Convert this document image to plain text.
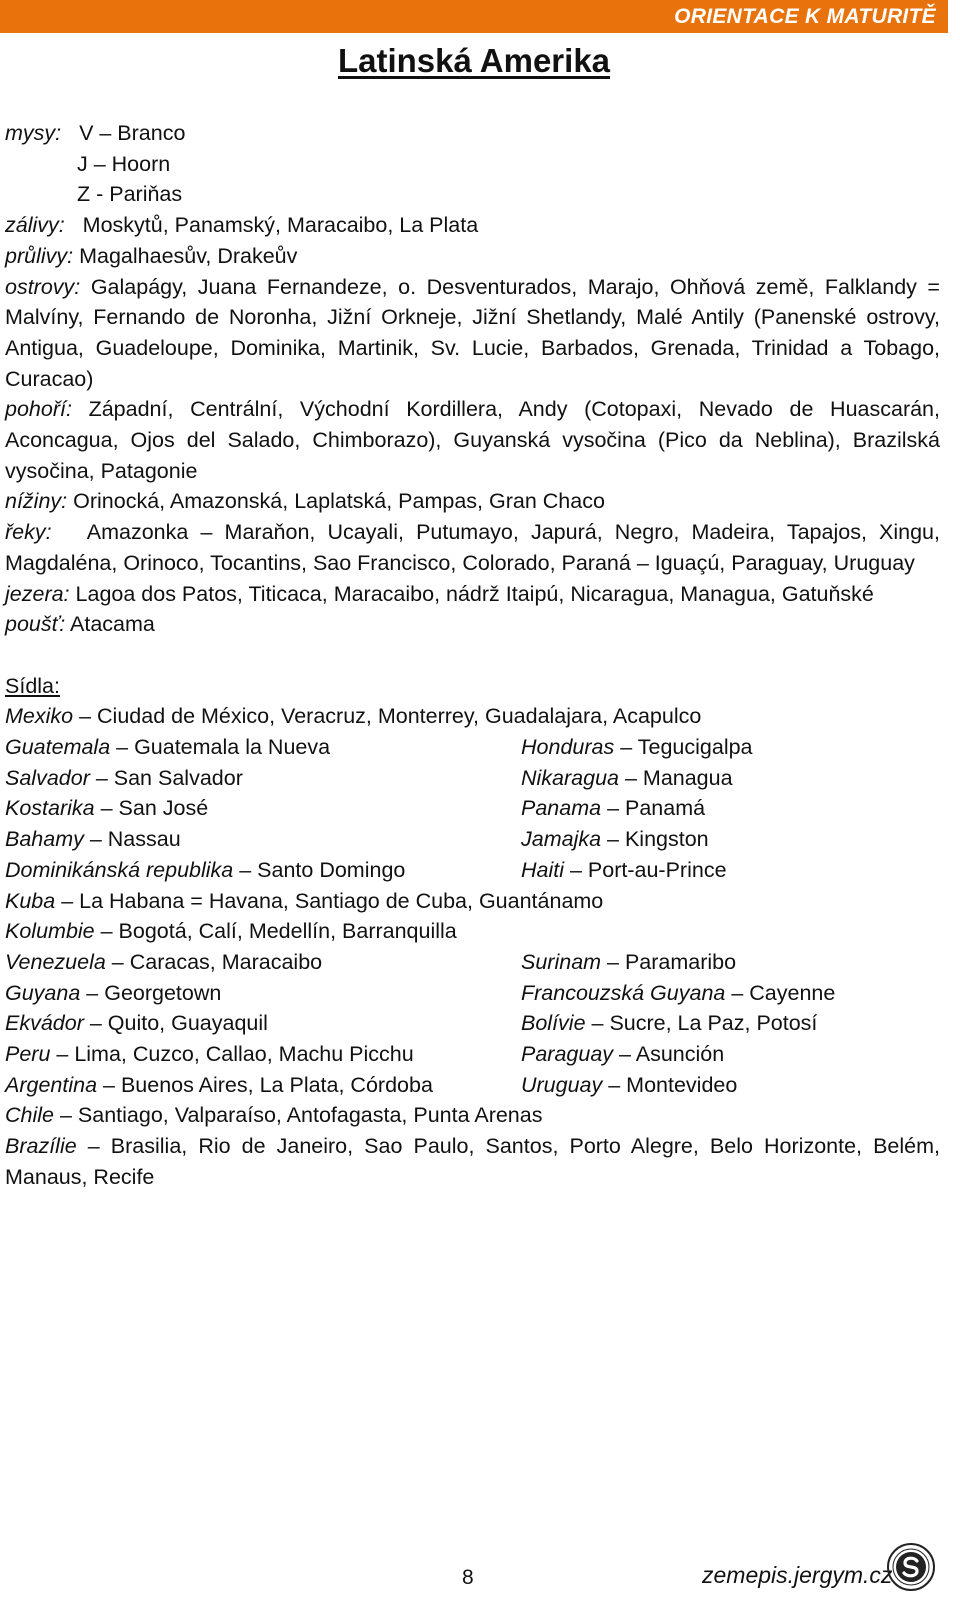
ORIENTACE K MATURITĚ
Latinská Amerika

mysy: V – Branco

J – Hoorn

Z - Pariňas

zálivy: Moskytů, Panamský, Maracaibo, La Plata

průlivy: Magalhaesův, Drakeův

ostrovy: Galapágy, Juana Fernandeze, o. Desventurados, Marajo, Ohňová země, Falklandy = Malvíny, Fernando de Noronha, Jižní Orkneje, Jižní Shetlandy, Malé Antily (Panenské ostrovy, Antigua, Guadeloupe, Dominika, Martinik, Sv. Lucie, Barbados, Grenada, Trinidad a Tobago, Curacao)

pohoří: Západní, Centrální, Východní Kordillera, Andy (Cotopaxi, Nevado de Huascarán, Aconcagua, Ojos del Salado, Chimborazo), Guyanská vysočina (Pico da Neblina), Brazilská vysočina, Patagonie

nížiny: Orinocká, Amazonská, Laplatská, Pampas, Gran Chaco

řeky: Amazonka – Maraňon, Ucayali, Putumayo, Japurá, Negro, Madeira, Tapajos, Xingu, Magdaléna, Orinoco, Tocantins, Sao Francisco, Colorado, Paraná – Iguaçú, Paraguay, Uruguay

jezera: Lagoa dos Patos, Titicaca, Maracaibo, nádrž Itaipú, Nicaragua, Managua, Gatuňské

poušť: Atacama

Sídla:

Mexiko – Ciudad de México, Veracruz, Monterrey, Guadalajara, Acapulco

Guatemala – Guatemala la Nueva	Honduras – Tegucigalpa
Salvador – San Salvador	Nikaragua – Managua
Kostarika – San José	Panama – Panamá
Bahamy – Nassau	Jamajka – Kingston
Dominikánská republika – Santo Domingo	Haiti – Port-au-Prince

Kuba – La Habana = Havana, Santiago de Cuba, Guantánamo

Kolumbie – Bogotá, Calí, Medellín, Barranquilla

Venezuela – Caracas, Maracaibo	Surinam – Paramaribo
Guyana – Georgetown	Francouzská Guyana – Cayenne
Ekvádor – Quito, Guayaquil	Bolívie – Sucre, La Paz, Potosí
Peru – Lima, Cuzco, Callao, Machu Picchu	Paraguay – Asunción
Argentina – Buenos Aires, La Plata, Córdoba	Uruguay – Montevideo

Chile – Santiago, Valparaíso, Antofagasta, Punta Arenas

Brazílie – Brasilia, Rio de Janeiro, Sao Paulo, Santos, Porto Alegre, Belo Horizonte, Belém, Manaus, Recife

8	zemepis.jergym.cz
